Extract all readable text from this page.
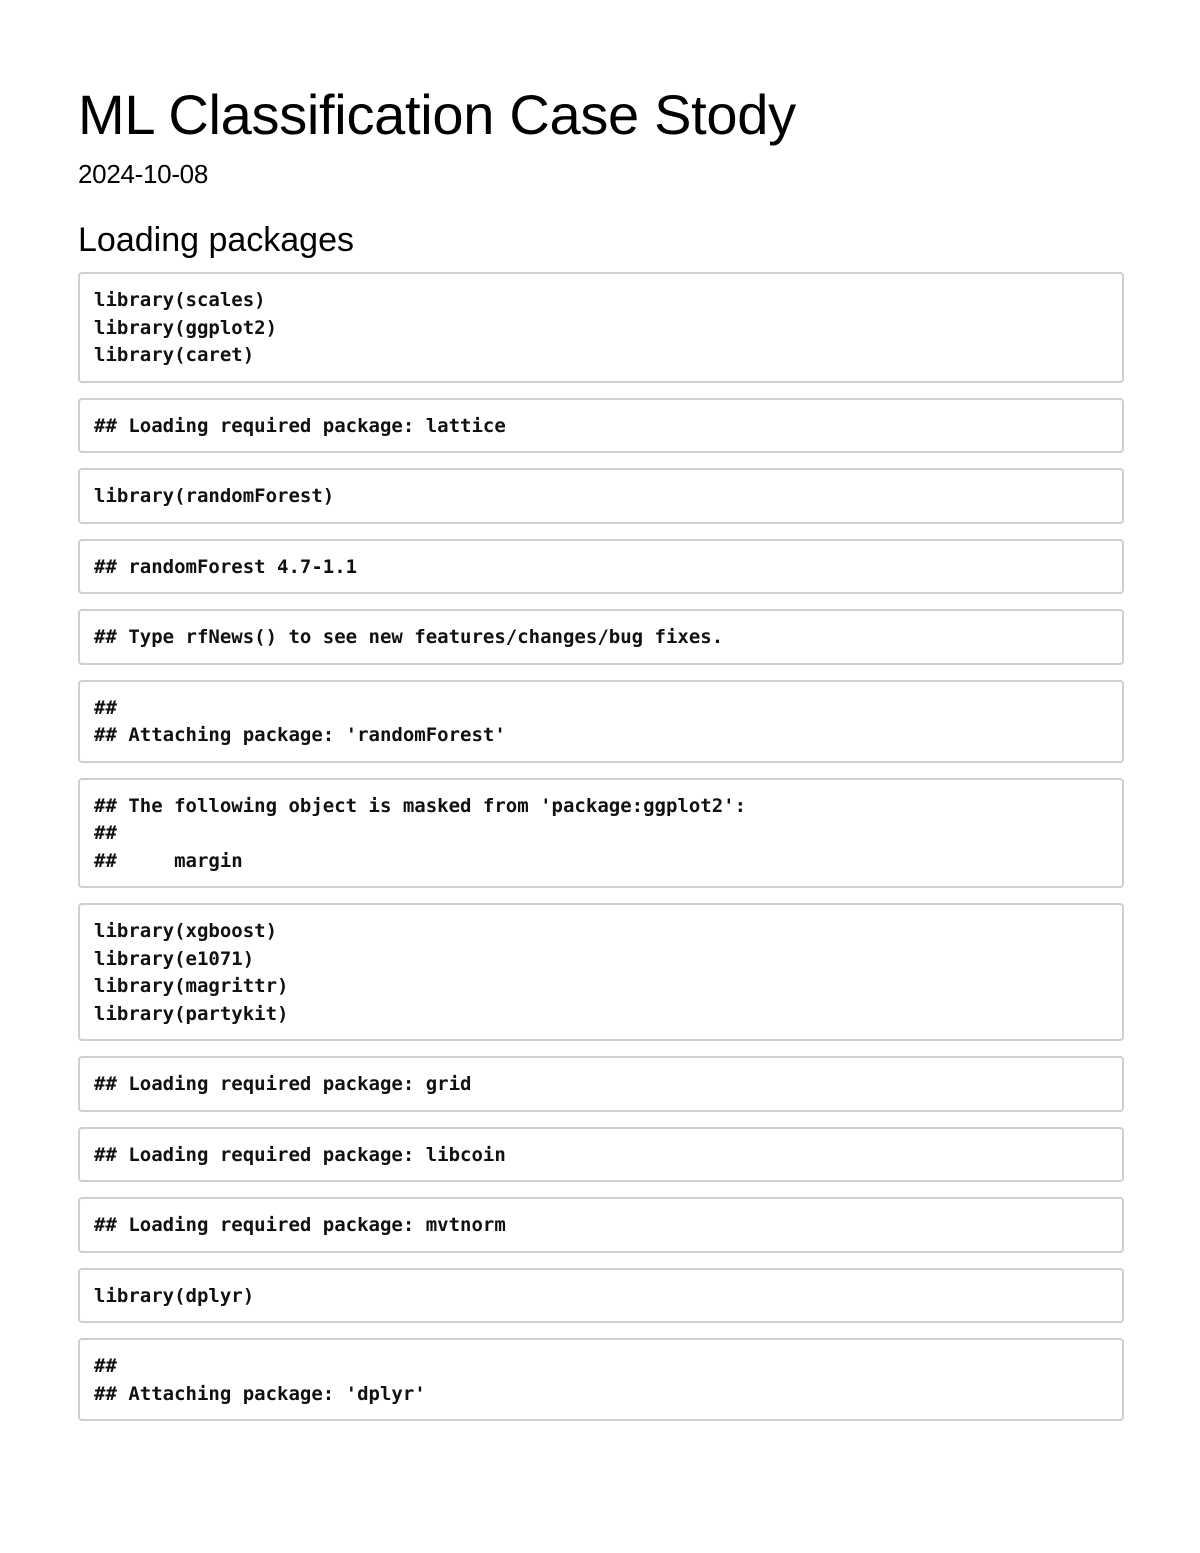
ML Classification Case Stody
2024-10-08
Loading packages
library(scales)
library(ggplot2)
library(caret)
## Loading required package: lattice
library(randomForest)
## randomForest 4.7-1.1
## Type rfNews() to see new features/changes/bug fixes.
##
## Attaching package: 'randomForest'
## The following object is masked from 'package:ggplot2':
##
##     margin
library(xgboost)
library(e1071)
library(magrittr)
library(partykit)
## Loading required package: grid
## Loading required package: libcoin
## Loading required package: mvtnorm
library(dplyr)
##
## Attaching package: 'dplyr'
